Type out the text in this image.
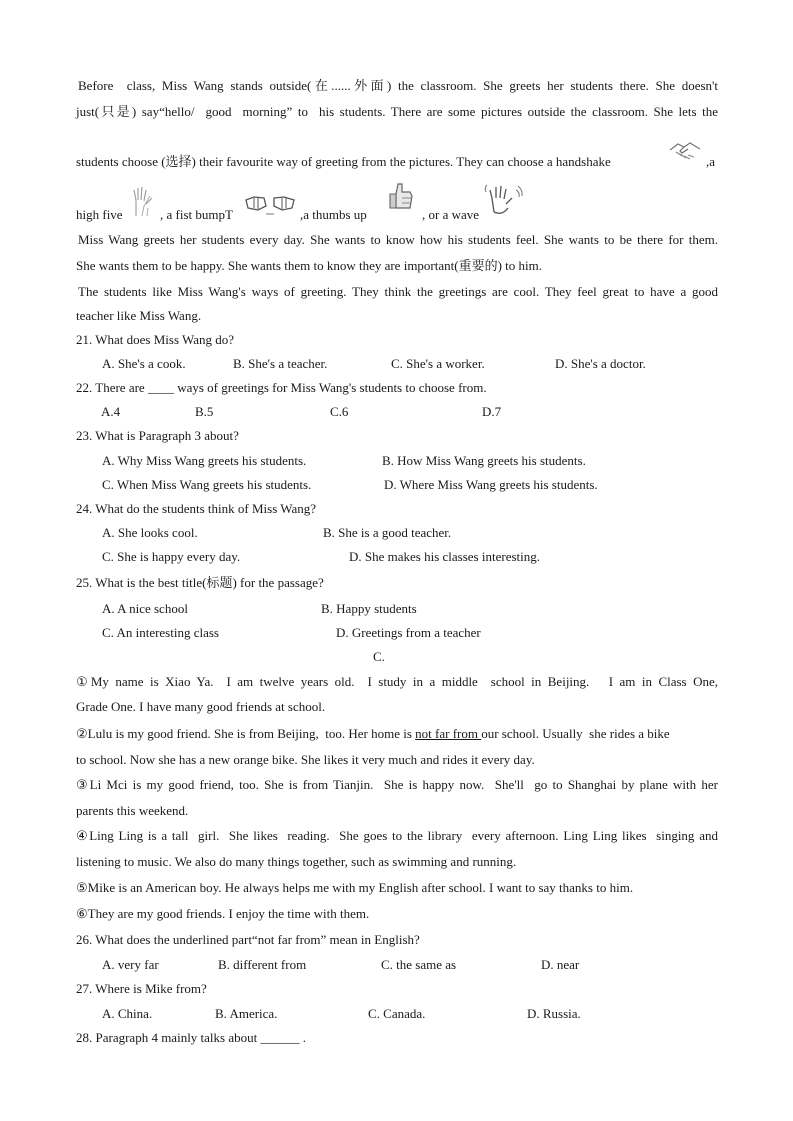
Before  class, Miss Wang stands outside(在......外面) the classroom. She greets her students there. She doesn't
just(只是) say“hello/  good  morning” to  his students. There are some pictures outside the classroom. She lets the
students choose (选择) their favourite way of greeting from the pictures. They can choose a handshake	,a
high five	, a fist bumpT	,a thumbs up	, or a wave
Miss Wang greets her students every day. She wants to know how his students feel. She wants to be there for them.
She wants them to be happy. She wants them to know they are important(重要的) to him.
The students like Miss Wang's ways of greeting. They think the greetings are cool. They feel great to have a good
teacher like Miss Wang.
21. What does Miss Wang do?
A. She's a cook.	B. She's a teacher.	C. She's a worker.	D. She's a doctor.
22. There are ____ ways of greetings for Miss Wang's students to choose from.
A.4	B.5	C.6	D.7
23. What is Paragraph 3 about?
A. Why Miss Wang greets his students.	B. How Miss Wang greets his students.
C. When Miss Wang greets his students.	D. Where Miss Wang greets his students.
24. What do the students think of Miss Wang?
A. She looks cool.	B. She is a good teacher.
C. She is happy every day.	D. She makes his classes interesting.
25. What is the best title(标题) for the passage?
A. A nice school	B. Happy students
C. An interesting class	D. Greetings from a teacher
C.
①My name is Xiao Ya.  I am twelve years old.  I study in a middle  school in Beijing.   I am in Class One,
Grade One. I have many good friends at school.
②Lulu is my good friend. She is from Beijing,  too. Her home is not far from our school. Usually  she rides a bike
to school. Now she has a new orange bike. She likes it very much and rides it every day.
③Li Mci is my good friend, too. She is from Tianjin.  She is happy now.  She'll  go to Shanghai by plane with her
parents this weekend.
④Ling Ling is a tall  girl.  She likes  reading.  She goes to the library  every afternoon. Ling Ling likes  singing and
listening to music. We also do many things together, such as swimming and running.
⑤Mike is an American boy. He always helps me with my English after school. I want to say thanks to him.
⑥They are my good friends. I enjoy the time with them.
26. What does the underlined part“not far from” mean in English?
A. very far	B. different from	C. the same as	D. near
27. Where is Mike from?
A. China.	B. America.	C. Canada.	D. Russia.
28. Paragraph 4 mainly talks about ______ .
